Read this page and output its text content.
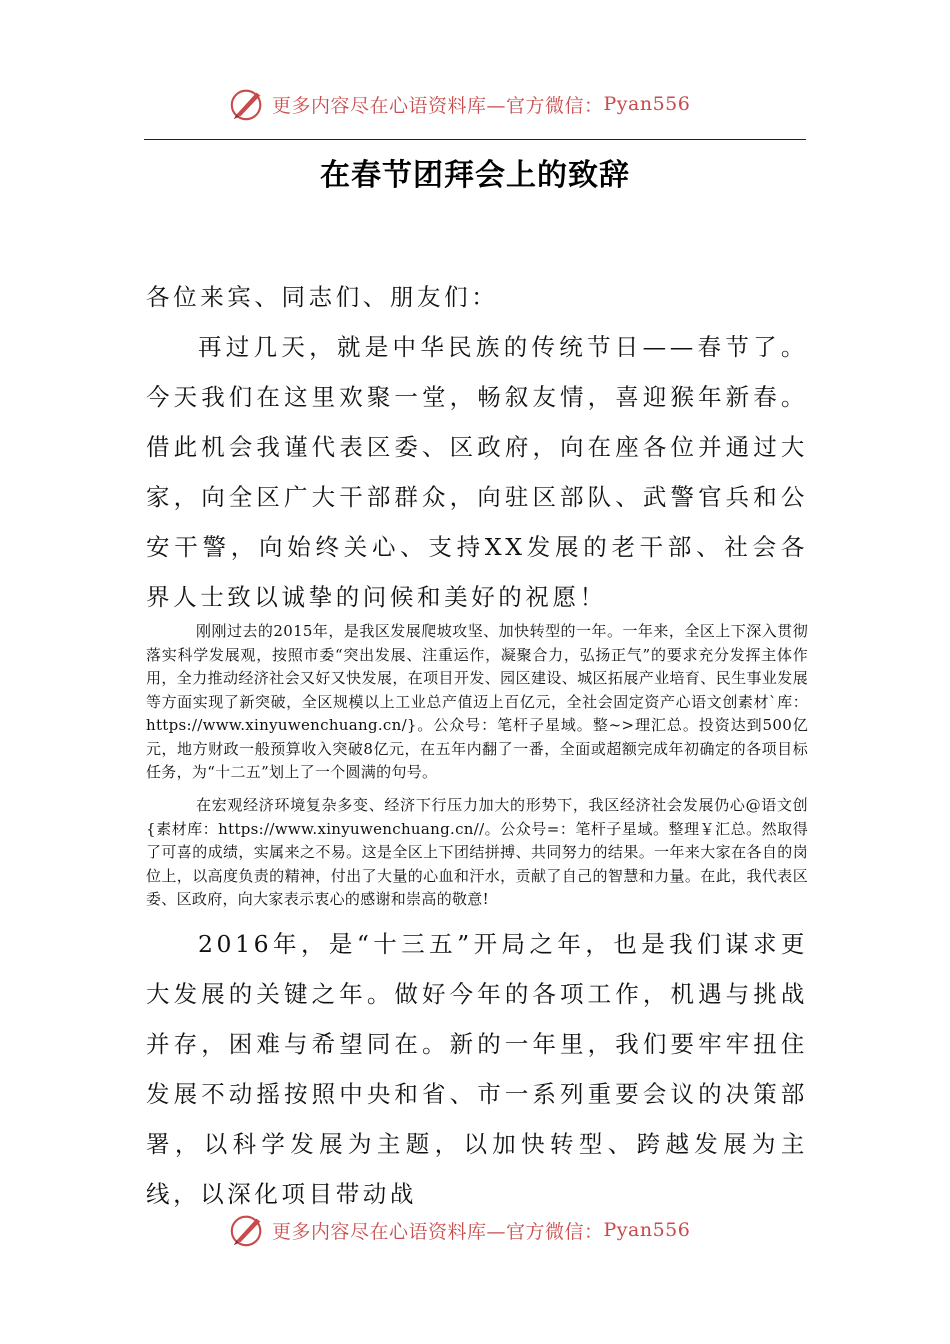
更多内容尽在心语资料库—官方微信： Pyan556
在春节团拜会上的致辞
各位来宾、同志们、朋友们：
再过几天，就是中华民族的传统节日——春节了。今天我们在这里欢聚一堂，畅叙友情，喜迎猴年新春。借此机会我谨代表区委、区政府，向在座各位并通过大家，向全区广大干部群众，向驻区部队、武警官兵和公安干警，向始终关心、支持XX发展的老干部、社会各界人士致以诚挚的问候和美好的祝愿！
刚刚过去的2015年，是我区发展爬坡攻坚、加快转型的一年。一年来，全区上下深入贯彻落实科学发展观，按照市委“突出发展、注重运作，凝聚合力，弘扬正气”的要求充分发挥主体作用，全力推动经济社会又好又快发展，在项目开发、园区建设、城区拓展产业培育、民生事业发展等方面实现了新突破，全区规模以上工业总产值迈上百亿元，全社会固定资产心语文创素材`库：https://www.xinyuwenchuang.cn/}。公众号：笔杆子星域。整~>理汇总。投资达到500亿元，地方财政一般预算收入突破8亿元，在五年内翻了一番，全面或超额完成年初确定的各项目标任务，为“十二五”划上了一个圆满的句号。
在宏观经济环境复杂多变、经济下行压力加大的形势下，我区经济社会发展仍心@语文创{素材库：https://www.xinyuwenchuang.cn//。公众号=：笔杆子星域。整理￥汇总。然取得了可喜的成绩，实属来之不易。这是全区上下团结拼搏、共同努力的结果。一年来大家在各自的岗位上，以高度负责的精神，付出了大量的心血和汗水，贡献了自己的智慧和力量。在此，我代表区委、区政府，向大家表示衷心的感谢和崇高的敬意!
2016年，是“十三五”开局之年，也是我们谋求更大发展的关键之年。做好今年的各项工作，机遇与挑战并存，困难与希望同在。新的一年里，我们要牢牢扭住发展不动摇按照中央和省、市一系列重要会议的决策部署，以科学发展为主题，以加快转型、跨越发展为主线，以深化项目带动战
更多内容尽在心语资料库—官方微信： Pyan556
